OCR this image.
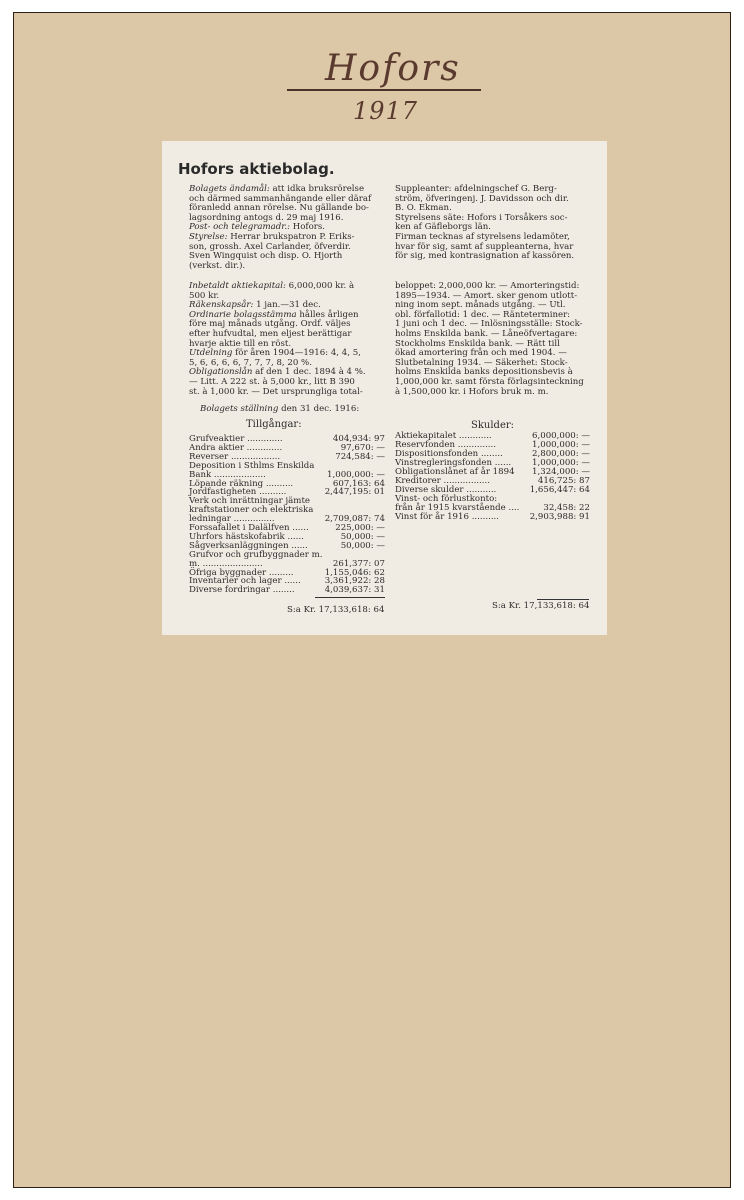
Hofors
1917
Hofors aktiebolag.
Bolagets ändamål: att idka bruksrörelse
och därmed sammanhängande eller däraf
föranledd annan rörelse. Nu gällande bo-
lagsordning antogs d. 29 maj 1916.
Post- och telegramadr.: Hofors.
Styrelse: Herrar brukspatron P. Eriks-
son, grossh. Axel Carlander, öfverdir.
Sven Wingquist och disp. O. Hjorth
(verkst. dir.).
Suppleanter: afdelningschef G. Berg-
ström, öfveringenj. J. Davidsson och dir.
B. O. Ekman.
Styrelsens säte: Hofors i Torsåkers soc-
ken af Gäfleborgs län.
Firman tecknas af styrelsens ledamöter,
hvar för sig, samt af suppleanterna, hvar
för sig, med kontrasignation af kassören.
Inbetaldt aktiekapital: 6,000,000 kr. à
500 kr.
Räkenskapsår: 1 jan.—31 dec.
Ordinarie bolagsstämma hålles årligen
före maj månads utgång. Ordf. väljes
efter hufvudtal, men eljest berättigar
hvarje aktie till en röst.
Utdelning för åren 1904—1916: 4, 4, 5,
5, 6, 6, 6, 6, 7, 7, 7, 8, 20 %.
Obligationslån af den 1 dec. 1894 à 4 %.
— Litt. A 222 st. à 5,000 kr., litt B 390
st. à 1,000 kr. — Det ursprungliga total-
beloppet: 2,000,000 kr. — Amorteringstid:
1895—1934. — Amort. sker genom utlott-
ning inom sept. månads utgång. — Utl.
obl. förfallotid: 1 dec. — Ränteterminer:
1 juni och 1 dec. — Inlösningsställe: Stock-
holms Enskilda bank. — Låneöfvertagare:
Stockholms Enskilda bank. — Rätt till
ökad amortering från och med 1904. —
Slutbetalning 1934. — Säkerhet: Stock-
holms Enskilda banks depositionsbevis à
1,000,000 kr. samt första förlagsinteckning
à 1,500,000 kr. i Hofors bruk m. m.
Bolagets ställning den 31 dec. 1916:
Tillgångar:	Skulder:
Grufveaktier .............	404,934: 97
Andra aktier .............	97,670: —
Reverser ..................	724,584: —
Deposition i Sthlms Enskilda
Bank ...................	1,000,000: —
Löpande räkning ..........	607,163: 64
Jordfastigheten ..........	2,447,195: 01
Verk och inrättningar jämte
kraftstationer och elektriska
ledningar ...............	2,709,087: 74
Forssafallet i Dalälfven ......	225,000: —
Uhrfors hästskofabrik ......	50,000: —
Sågverksanläggningen ......	50,000: —
Grufvor och grufbyggnader m.
m. ......................	261,377: 07
Öfriga byggnader .........	1,155,046: 62
Inventarier och lager ......	3,361,922: 28
Diverse fordringar ........	4,039,637: 31
Aktiekapitalet ............	6,000,000: —
Reservfonden ..............	1,000,000: —
Dispositionsfonden ........	2,800,000: —
Vinstregleringsfonden ...... 1,000,000: —
Obligationslånet af år 1894 1,324,000: —
Kreditorer .................	416,725: 87
Diverse skulder ...........	1,656,447: 64
Vinst- och förlustkonto:
från år 1915 kvarstående ....	32,458: 22
Vinst för år 1916 ..........	2,903,988: 91
S:a Kr. 17,133,618: 64	S:a Kr. 17,133,618: 64
